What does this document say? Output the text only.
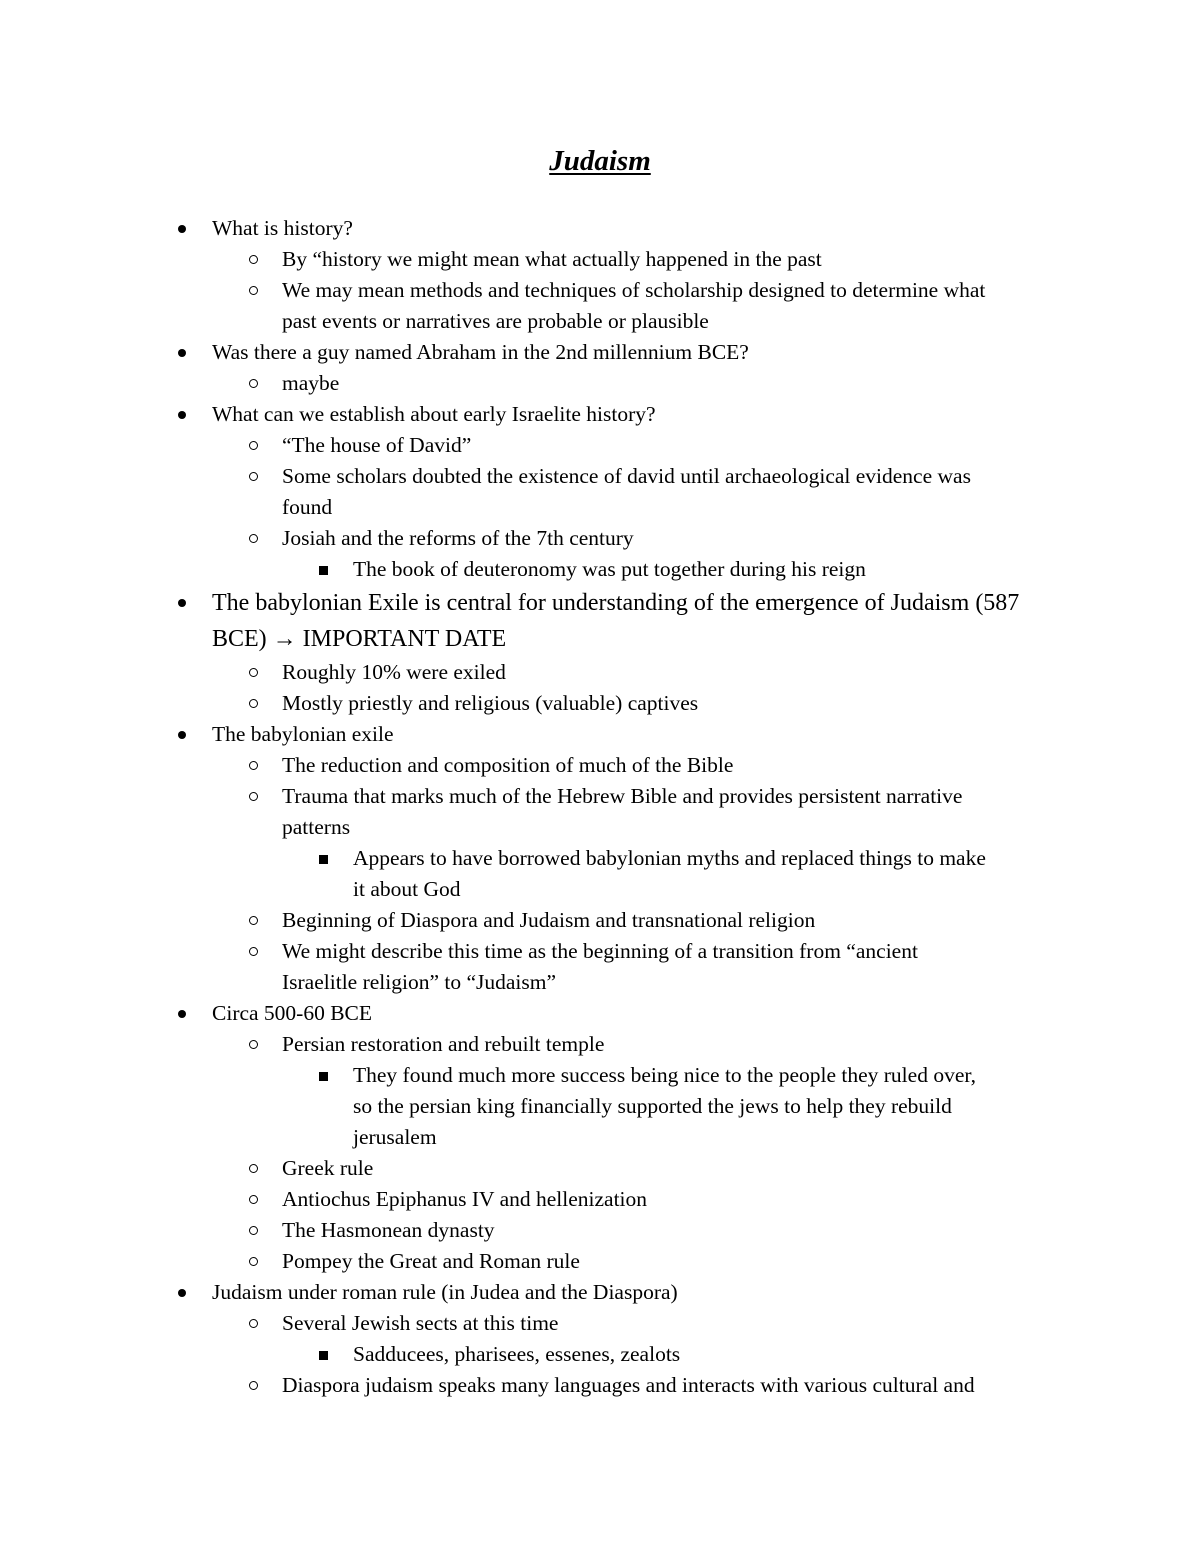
Judaism
What is history?
By “history we might mean what actually happened in the past
We may mean methods and techniques of scholarship designed to determine what
past events or narratives are probable or plausible
Was there a guy named Abraham in the 2nd millennium BCE?
maybe
What can we establish about early Israelite history?
“The house of David”
Some scholars doubted the existence of david until archaeological evidence was
found
Josiah and the reforms of the 7th century
The book of deuteronomy was put together during his reign
The babylonian Exile is central for understanding of the emergence of Judaism (587
BCE) → IMPORTANT DATE
Roughly 10% were exiled
Mostly priestly and religious (valuable) captives
The babylonian exile
The reduction and composition of much of the Bible
Trauma that marks much of the Hebrew Bible and provides persistent narrative
patterns
Appears to have borrowed babylonian myths and replaced things to make
it about God
Beginning of Diaspora and Judaism and transnational religion
We might describe this time as the beginning of a transition from “ancient
Israelitle religion” to “Judaism”
Circa 500-60 BCE
Persian restoration and rebuilt temple
They found much more success being nice to the people they ruled over,
so the persian king financially supported the jews to help they rebuild
jerusalem
Greek rule
Antiochus Epiphanus IV and hellenization
The Hasmonean dynasty
Pompey the Great and Roman rule
Judaism under roman rule (in Judea and the Diaspora)
Several Jewish sects at this time
Sadducees, pharisees, essenes, zealots
Diaspora judaism speaks many languages and interacts with various cultural and
